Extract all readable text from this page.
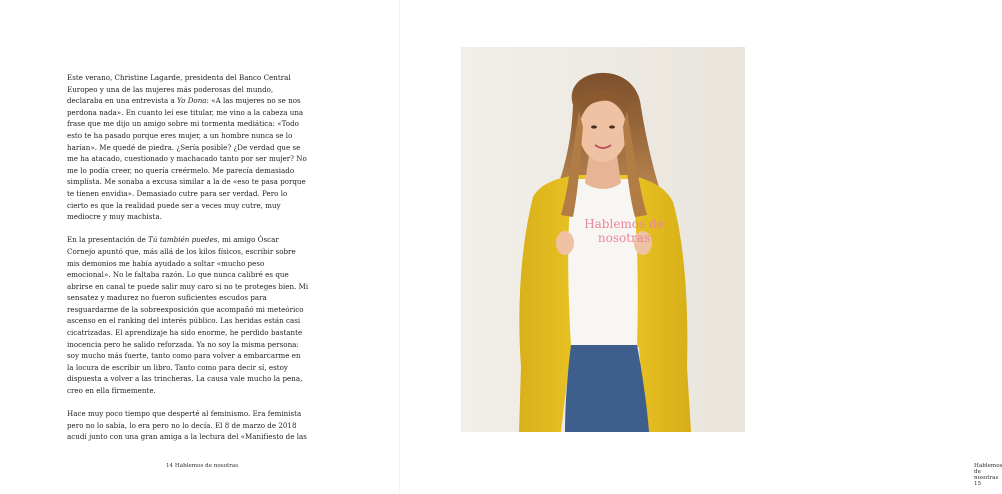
Este verano, Christine Lagarde, presidenta del Banco Central Europeo y una de las mujeres más poderosas del mundo, declaraba en una entrevista a Yo Dona: «A las mujeres no se nos perdona nada». En cuanto leí ese titular, me vino a la cabeza una frase que me dijo un amigo sobre mi tormenta mediática: «Todo esto te ha pasado porque eres mujer, a un hombre nunca se lo harían». Me quedé de piedra. ¿Sería posible? ¿De verdad que se me ha atacado, cuestionado y machacado tanto por ser mujer? No me lo podía creer, no quería creérmelo. Me parecía demasiado simplista. Me sonaba a excusa similar a la de «eso te pasa porque te tienen envidia». Demasiado cutre para ser verdad. Pero lo cierto es que la realidad puede ser a veces muy cutre, muy mediocre y muy machista.

En la presentación de Tú también puedes, mi amigo Óscar Cornejo apuntó que, más allá de los kilos físicos, escribir sobre mis demonios me había ayudado a soltar «mucho peso emocional». No le faltaba razón. Lo que nunca calibré es que abrirse en canal te puede salir muy caro si no te proteges bien. Mi sensatez y madurez no fueron suficientes escudos para resguardarme de la sobreexposición que acompañó mi meteórico ascenso en el ranking del interés público. Las heridas están casi cicatrizadas. El aprendizaje ha sido enorme, he perdido bastante inocencia pero he salido reforzada. Ya no soy la misma persona: soy mucho más fuerte, tanto como para volver a embarcarme en la locura de escribir un libro. Tanto como para decir sí, estoy dispuesta a volver a las trincheras. La causa vale mucho la pena, creo en ella firmemente.

Hace muy poco tiempo que desperté al feminismo. Era feminista pero no lo sabía, lo era pero no lo decía. El 8 de marzo de 2018 acudí junto con una gran amiga a la lectura del «Manifiesto de las

14 Hablemos de nosotras	Hablemos de nosotras 15
Hablemos de
nosotras
